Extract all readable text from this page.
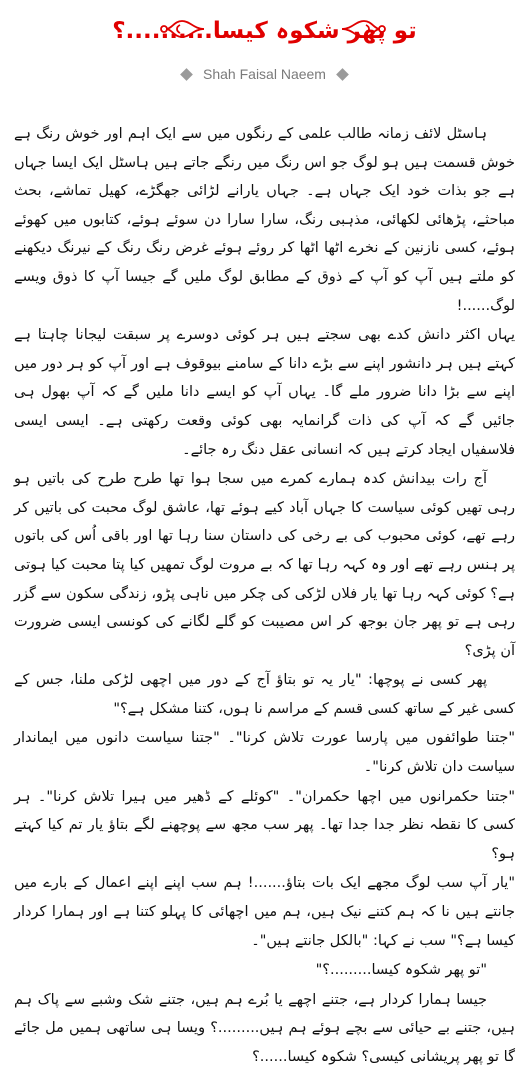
تو پھر شکوہ کیسا..........؟
Shah Faisal Naeem

ہاسٹل لائف زمانہ طالب علمی کے رنگوں میں سے ایک اہم اور خوش رنگ ہے خوش قسمت ہیں ہو لوگ جو اس رنگ میں رنگے جاتے ہیں ہاسٹل ایک ایسا جہاں ہے جو بذات خود ایک جہاں ہے۔ جہاں یارانے لڑائی جھگڑے، کھیل تماشے، بحث مباحثے، پڑھائی لکھائی، مذہبی رنگ، سارا سارا دن سوئے ہوئے، کتابوں میں کھوئے ہوئے، کسی نازنین کے نخرے اٹھا اٹھا کر روئے ہوئے غرض رنگ رنگ کے نیرنگ دیکھنے کو ملتے ہیں آپ کو آپ کے ذوق کے مطابق لوگ ملیں گے جیسا آپ کا ذوق ویسے لوگ......!

یہاں اکثر دانش کدے بھی سجتے ہیں ہر کوئی دوسرے پر سبقت لیجانا چاہتا ہے کہتے ہیں ہر دانشور اپنے سے بڑے دانا کے سامنے بیوقوف ہے اور آپ کو ہر دور میں اپنے سے بڑا دانا ضرور ملے گا۔ یہاں آپ کو ایسے دانا ملیں گے کہ آپ بھول ہی جائیں گے کہ آپ کی ذات گرانمایہ بھی کوئی وقعت رکھتی ہے۔ ایسی ایسی فلاسفیاں ایجاد کرتے ہیں کہ انسانی عقل دنگ رہ جائے۔

آج رات بیدانش کدہ ہمارے کمرے میں سجا ہوا تھا طرح طرح کی باتیں ہو رہی تھیں کوئی سیاست کا جہاں آباد کیے ہوئے تھا، عاشق لوگ محبت کی باتیں کر رہے تھے، کوئی محبوب کی بے رخی کی داستان سنا رہا تھا اور باقی اُس کی باتوں پر ہنس رہے تھے اور وہ کہہ رہا تھا کہ بے مروت لوگ تمھیں کیا پتا محبت کیا ہوتی ہے؟ کوئی کہہ رہا تھا یار فلاں لڑکی کی چکر میں ناہی پڑو، زندگی سکون سے گزر رہی ہے تو پھر جان بوجھ کر اس مصیبت کو گلے لگانے کی کونسی ایسی ضرورت آن پڑی؟

پھر کسی نے پوچھا: "یار یہ تو بتاؤ آج کے دور میں اچھی لڑکی ملنا، جس کے کسی غیر کے ساتھ کسی قسم کے مراسم نا ہوں، کتنا مشکل ہے؟"

"جتنا طوائفوں میں پارسا عورت تلاش کرنا"۔ "جتنا سیاست دانوں میں ایماندار سیاست دان تلاش کرنا"۔

"جتنا حکمرانوں میں اچھا حکمران"۔ "کوئلے کے ڈھیر میں ہیرا تلاش کرنا"۔ ہر کسی کا نقطہ نظر جدا جدا تھا۔ پھر سب مجھ سے پوچھنے لگے بتاؤ یار تم کیا کہتے ہو؟

"یار آپ سب لوگ مجھے ایک بات بتاؤ.......! ہم سب اپنے اپنے اعمال کے بارے میں جانتے ہیں نا کہ ہم کتنے نیک ہیں، ہم میں اچھائی کا پہلو کتنا ہے اور ہمارا کردار کیسا ہے؟" سب نے کہا: "بالکل جانتے ہیں"۔

"تو پھر شکوہ کیسا.........؟"

جیسا ہمارا کردار ہے، جتنے اچھے یا بُرے ہم ہیں، جتنے شک وشبے سے پاک ہم ہیں، جتنے بے حیائی سے بچے ہوئے ہم ہیں.........؟ ویسا ہی ساتھی ہمیں مل جائے گا تو پھر پریشانی کیسی؟ شکوہ کیسا......؟
